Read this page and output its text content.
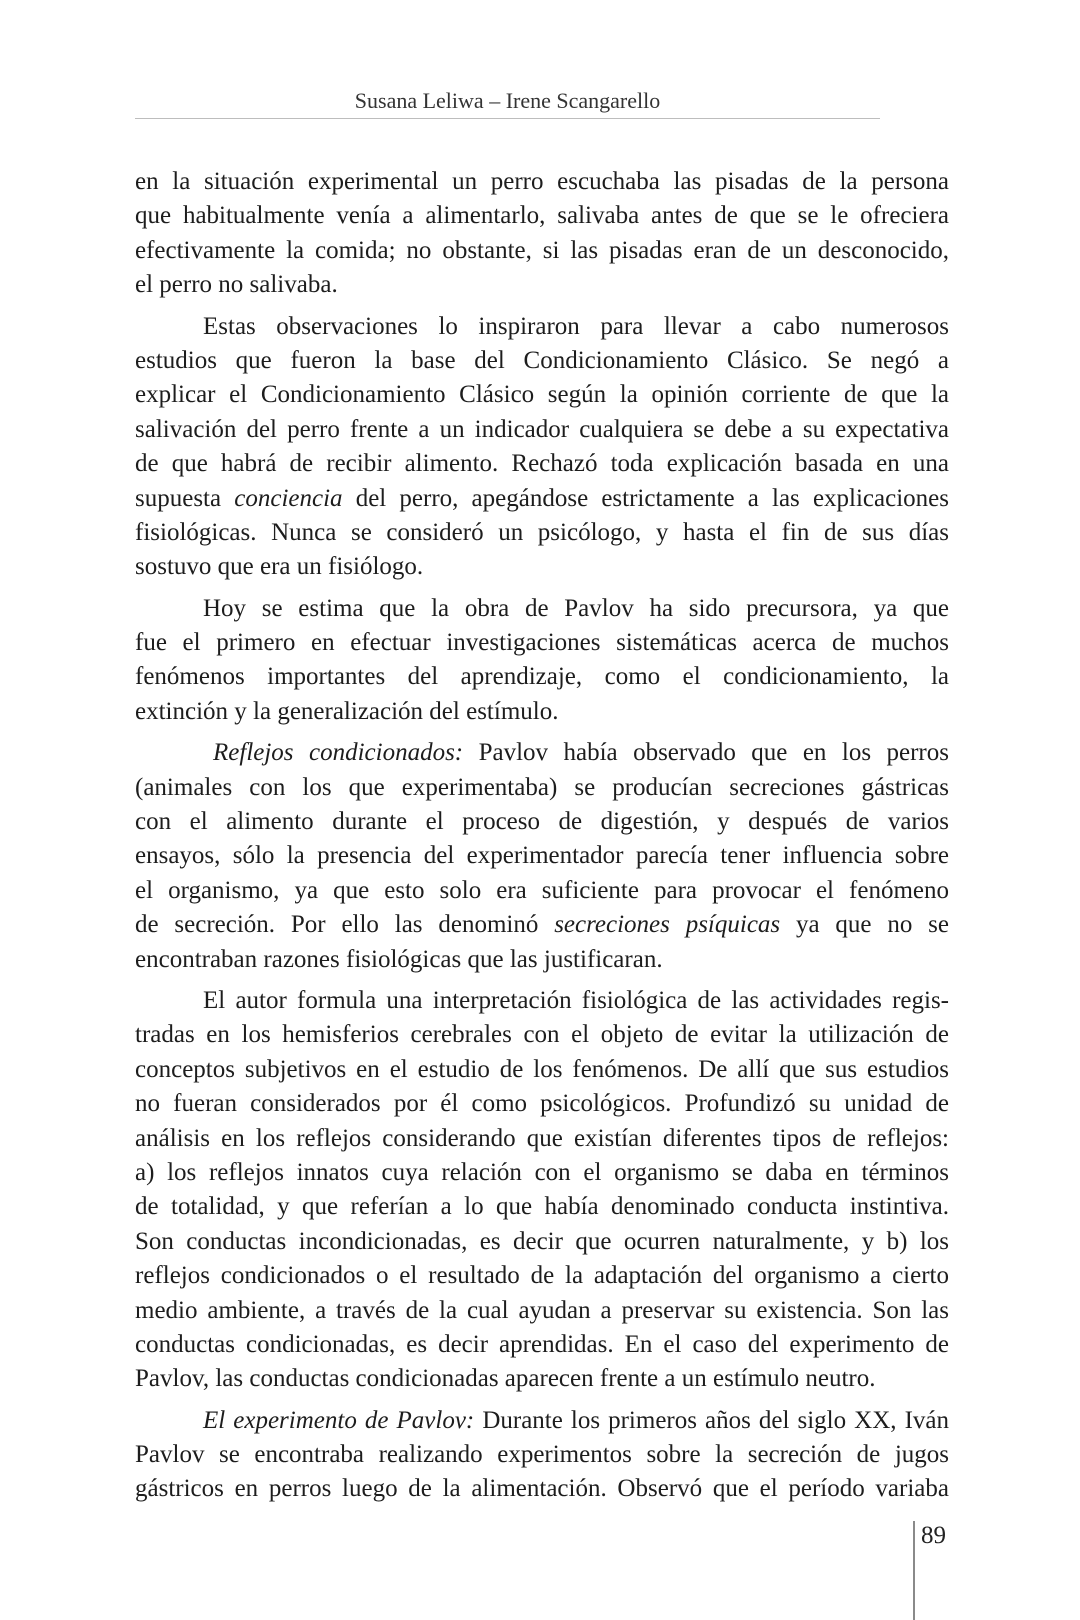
Susana Leliwa – Irene Scangarello
en la situación experimental un perro escuchaba las pisadas de la persona
que habitualmente venía a alimentarlo, salivaba antes de que se le ofreciera
efectivamente la comida; no obstante, si las pisadas eran de un desconocido,
el perro no salivaba.
Estas observaciones lo inspiraron para llevar a cabo numerosos
estudios que fueron la base del Condicionamiento Clásico. Se negó a
explicar el Condicionamiento Clásico según la opinión corriente de que la
salivación del perro frente a un indicador cualquiera se debe a su expectativa
de que habrá de recibir alimento. Rechazó toda explicación basada en una
supuesta conciencia del perro, apegándose estrictamente a las explicaciones
fisiológicas. Nunca se consideró un psicólogo, y hasta el fin de sus días
sostuvo que era un fisiólogo.
Hoy se estima que la obra de Pavlov ha sido precursora, ya que
fue el primero en efectuar investigaciones sistemáticas acerca de muchos
fenómenos importantes del aprendizaje, como el condicionamiento, la
extinción y la generalización del estímulo.
Reflejos condicionados: Pavlov había observado que en los perros
(animales con los que experimentaba) se producían secreciones gástricas
con el alimento durante el proceso de digestión, y después de varios
ensayos, sólo la presencia del experimentador parecía tener influencia sobre
el organismo, ya que esto solo era suficiente para provocar el fenómeno
de secreción. Por ello las denominó secreciones psíquicas ya que no se
encontraban razones fisiológicas que las justificaran.
El autor formula una interpretación fisiológica de las actividades regis-
tradas en los hemisferios cerebrales con el objeto de evitar la utilización de
conceptos subjetivos en el estudio de los fenómenos. De allí que sus estudios
no fueran considerados por él como psicológicos. Profundizó su unidad de
análisis en los reflejos considerando que existían diferentes tipos de reflejos:
a) los reflejos innatos cuya relación con el organismo se daba en términos
de totalidad, y que referían a lo que había denominado conducta instintiva.
Son conductas incondicionadas, es decir que ocurren naturalmente, y b) los
reflejos condicionados o el resultado de la adaptación del organismo a cierto
medio ambiente, a través de la cual ayudan a preservar su existencia. Son las
conductas condicionadas, es decir aprendidas. En el caso del experimento de
Pavlov, las conductas condicionadas aparecen frente a un estímulo neutro.
El experimento de Pavlov: Durante los primeros años del siglo XX, Iván
Pavlov se encontraba realizando experimentos sobre la secreción de jugos
gástricos en perros luego de la alimentación. Observó que el período variaba
89
